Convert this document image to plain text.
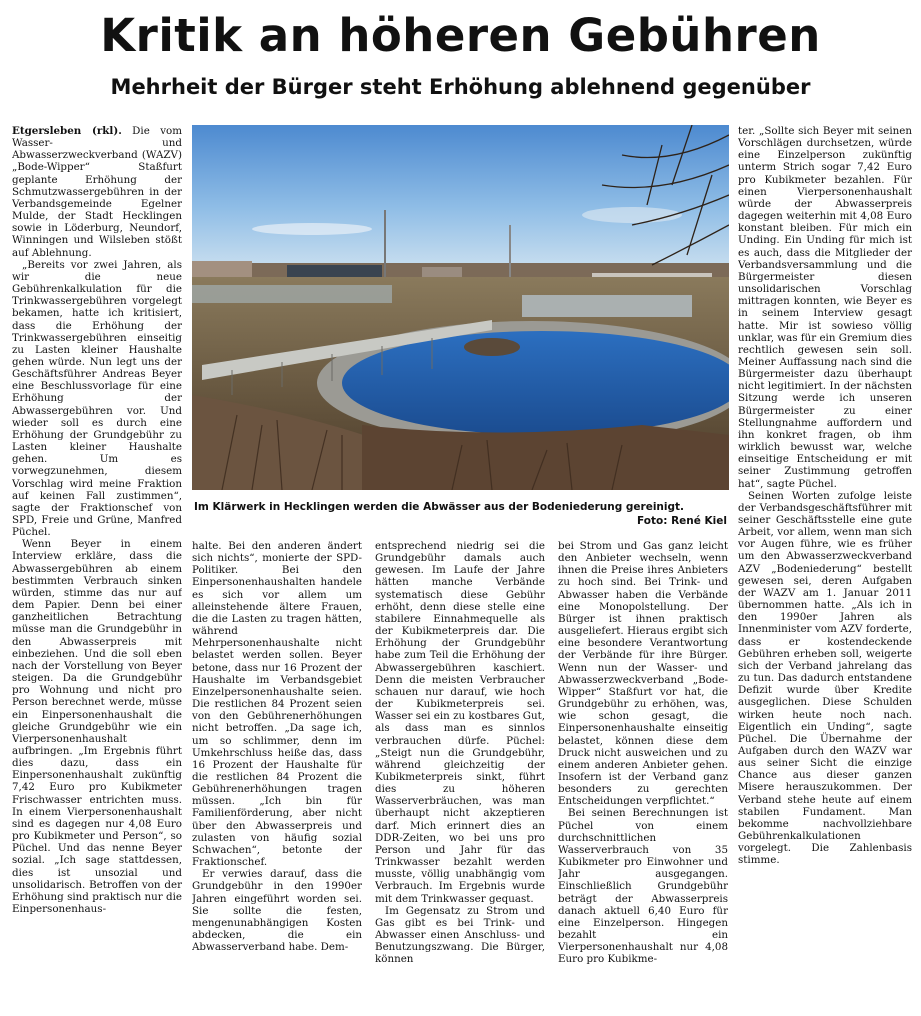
Kritik an höheren Gebühren
Mehrheit der Bürger steht Erhöhung ablehnend gegenüber

Etgersleben (rkl). Die vom Wasser- und Abwasserzweckverband (WAZV) „Bode-Wipper“ Staßfurt geplante Erhöhung der Schmutzwassergebühren in der Verbandsgemeinde Egelner Mulde, der Stadt Hecklingen sowie in Löderburg, Neundorf, Winningen und Wilsleben stößt auf Ablehnung.

„Bereits vor zwei Jahren, als wir die neue Gebührenkalkulation für die Trinkwassergebühren vorgelegt bekamen, hatte ich kritisiert, dass die Erhöhung der Trinkwassergebühren einseitig zu Lasten kleiner Haushalte gehen würde. Nun legt uns der Geschäftsführer Andreas Beyer eine Beschlussvorlage für eine Erhöhung der Abwassergebühren vor. Und wieder soll es durch eine Erhöhung der Grundgebühr zu Lasten kleiner Haushalte gehen. Um es vorwegzunehmen, diesem Vorschlag wird meine Fraktion auf keinen Fall zustimmen“, sagte der Fraktionschef von SPD, Freie und Grüne, Manfred Püchel.

Wenn Beyer in einem Interview erkläre, dass die Abwassergebühren ab einem bestimmten Verbrauch sinken würden, stimme das nur auf dem Papier. Denn bei einer ganzheitlichen Betrachtung müsse man die Grundgebühr in den Abwasserpreis mit einbeziehen. Und die soll eben nach der Vorstellung von Beyer steigen. Da die Grundgebühr pro Wohnung und nicht pro Person berechnet werde, müsse ein Einpersonenhaushalt die gleiche Grundgebühr wie ein Vierpersonenhaushalt aufbringen. „Im Ergebnis führt dies dazu, dass ein Einpersonenhaushalt zukünftig 7,42 Euro pro Kubikmeter Frischwasser entrichten muss. In einem Vierpersonenhaushalt sind es dagegen nur 4,08 Euro pro Kubikmeter und Person“, so Püchel. Und das nenne Beyer sozial. „Ich sage stattdessen, dies ist unsozial und unsolidarisch. Betroffen von der Erhöhung sind praktisch nur die Einpersonenhaus-

Im Klärwerk in Hecklingen werden die Abwässer aus der Bodeniederung gereinigt.
Foto: René Kiel

halte. Bei den anderen ändert sich nichts“, monierte der SPD-Politiker. Bei den Einpersonenhaushalten handele es sich vor allem um alleinstehende ältere Frauen, die die Lasten zu tragen hätten, während Mehrpersonenhaushalte nicht belastet werden sollen. Beyer betone, dass nur 16 Prozent der Haushalte im Verbandsgebiet Einzelpersonenhaushalte seien. Die restlichen 84 Prozent seien von den Gebührenerhöhungen nicht betroffen. „Da sage ich, um so schlimmer, denn im Umkehrschluss heiße das, dass 16 Prozent der Haushalte für die restlichen 84 Prozent die Gebührenerhöhungen tragen müssen. „Ich bin für Familienförderung, aber nicht über den Abwasserpreis und zulasten von häufig sozial Schwachen“, betonte der Fraktionschef.

Er verwies darauf, dass die Grundgebühr in den 1990er Jahren eingeführt worden sei. Sie sollte die festen, mengenunabhängigen Kosten abdecken, die ein Abwasserverband habe. Dem-

entsprechend niedrig sei die Grundgebühr damals auch gewesen. Im Laufe der Jahre hätten manche Verbände systematisch diese Gebühr erhöht, denn diese stelle eine stabilere Einnahmequelle als der Kubikmeterpreis dar. Die Erhöhung der Grundgebühr habe zum Teil die Erhöhung der Abwassergebühren kaschiert. Denn die meisten Verbraucher schauen nur darauf, wie hoch der Kubikmeterpreis sei. Wasser sei ein zu kostbares Gut, als dass man es sinnlos verbrauchen dürfe. Püchel: „Steigt nun die Grundgebühr, während gleichzeitig der Kubikmeterpreis sinkt, führt dies zu höheren Wasserverbräuchen, was man überhaupt nicht akzeptieren darf. Mich erinnert dies an DDR-Zeiten, wo bei uns pro Person und Jahr für das Trinkwasser bezahlt werden musste, völlig unabhängig vom Verbrauch. Im Ergebnis wurde mit dem Trinkwasser gequast.

Im Gegensatz zu Strom und Gas gibt es bei Trink- und Abwasser einen Anschluss- und Benutzungszwang. Die Bürger, können

bei Strom und Gas ganz leicht den Anbieter wechseln, wenn ihnen die Preise ihres Anbieters zu hoch sind. Bei Trink- und Abwasser haben die Verbände eine Monopolstellung. Der Bürger ist ihnen praktisch ausgeliefert. Hieraus ergibt sich eine besondere Verantwortung der Verbände für ihre Bürger. Wenn nun der Wasser- und Abwasserzweckverband „Bode-Wipper“ Staßfurt vor hat, die Grundgebühr zu erhöhen, was, wie schon gesagt, die Einpersonenhaushalte einseitig belastet, können diese dem Druck nicht ausweichen und zu einem anderen Anbieter gehen. Insofern ist der Verband ganz besonders zu gerechten Entscheidungen verpflichtet.“

Bei seinen Berechnungen ist Püchel von einem durchschnittlichen Wasserverbrauch von 35 Kubikmeter pro Einwohner und Jahr ausgegangen. Einschließlich Grundgebühr beträgt der Abwasserpreis danach aktuell 6,40 Euro für eine Einzelperson. Hingegen bezahlt ein Vierpersonenhaushalt nur 4,08 Euro pro Kubikme-

ter. „Sollte sich Beyer mit seinen Vorschlägen durchsetzen, würde eine Einzelperson zukünftig unterm Strich sogar 7,42 Euro pro Kubikmeter bezahlen. Für einen Vierpersonenhaushalt würde der Abwasserpreis dagegen weiterhin mit 4,08 Euro konstant bleiben. Für mich ein Unding. Ein Unding für mich ist es auch, dass die Mitglieder der Verbandsversammlung und die Bürgermeister diesen unsolidarischen Vorschlag mittragen konnten, wie Beyer es in seinem Interview gesagt hatte. Mir ist sowieso völlig unklar, was für ein Gremium dies rechtlich gewesen sein soll. Meiner Auffassung nach sind die Bürgermeister dazu überhaupt nicht legitimiert. In der nächsten Sitzung werde ich unseren Bürgermeister zu einer Stellungnahme auffordern und ihn konkret fragen, ob ihm wirklich bewusst war, welche einseitige Entscheidung er mit seiner Zustimmung getroffen hat“, sagte Püchel.

Seinen Worten zufolge leiste der Verbandsgeschäftsführer mit seiner Geschäftsstelle eine gute Arbeit, vor allem, wenn man sich vor Augen führe, wie es früher um den Abwasserzweckverband AZV „Bodeniederung“ bestellt gewesen sei, deren Aufgaben der WAZV am 1. Januar 2011 übernommen hatte. „Als ich in den 1990er Jahren als Innenminister vom AZV forderte, dass er kostendeckende Gebühren erheben soll, weigerte sich der Verband jahrelang das zu tun. Das dadurch entstandene Defizit wurde über Kredite ausgeglichen. Diese Schulden wirken heute noch nach. Eigentlich ein Unding“, sagte Püchel. Die Übernahme der Aufgaben durch den WAZV war aus seiner Sicht die einzige Chance aus dieser ganzen Misere herauszukommen. Der Verband stehe heute auf einem stabilen Fundament. Man bekomme nachvollziehbare Gebührenkalkulationen vorgelegt. Die Zahlenbasis stimme.
